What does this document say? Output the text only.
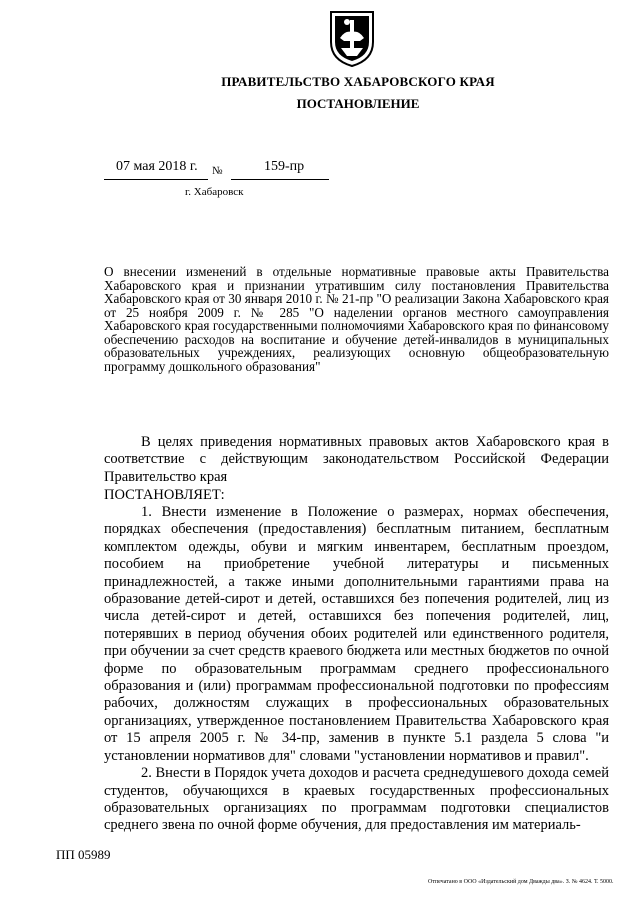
ПРАВИТЕЛЬСТВО ХАБАРОВСКОГО КРАЯ
ПОСТАНОВЛЕНИЕ
07 мая 2018 г. №	159-пр
г. Хабаровск

О внесении изменений в отдельные нормативные правовые акты Правительства Хабаровского края и признании утратившим силу постановления Правительства Хабаровского края от 30 января 2010 г. № 21-пр "О реализации Закона Хабаровского края от 25 ноября 2009 г. № 285 "О наделении органов местного самоуправления Хабаровского края государственными полномочиями Хабаровского края по финансовому обеспечению расходов на воспитание и обучение детей-инвалидов в муниципальных образовательных учреждениях, реализующих основную общеобразовательную программу дошкольного образования"

В целях приведения нормативных правовых актов Хабаровского края в соответствие с действующим законодательством Российской Федерации Правительство края

ПОСТАНОВЛЯЕТ:

1. Внести изменение в Положение о размерах, нормах обеспечения, порядках обеспечения (предоставления) бесплатным питанием, бесплатным комплектом одежды, обуви и мягким инвентарем, бесплатным проездом, пособием на приобретение учебной литературы и письменных принадлежностей, а также иными дополнительными гарантиями права на образование детей-сирот и детей, оставшихся без попечения родителей, лиц из числа детей-сирот и детей, оставшихся без попечения родителей, лиц, потерявших в период обучения обоих родителей или единственного родителя, при обучении за счет средств краевого бюджета или местных бюджетов по очной форме по образовательным программам среднего профессионального образования и (или) программам профессиональной подготовки по профессиям рабочих, должностям служащих в профессиональных образовательных организациях, утвержденное постановлением Правительства Хабаровского края от 15 апреля 2005 г. № 34-пр, заменив в пункте 5.1 раздела 5 слова "и установлении нормативов для" словами "установлении нормативов и правил".

2. Внести в Порядок учета доходов и расчета среднедушевого дохода семей студентов, обучающихся в краевых государственных профессиональных образовательных организациях по программам подготовки специалистов среднего звена по очной форме обучения, для предоставления им материаль-

ПП 05989
Отпечатано в ООО «Издательский дом Дважды два». З. № 4624. Т. 5000.
